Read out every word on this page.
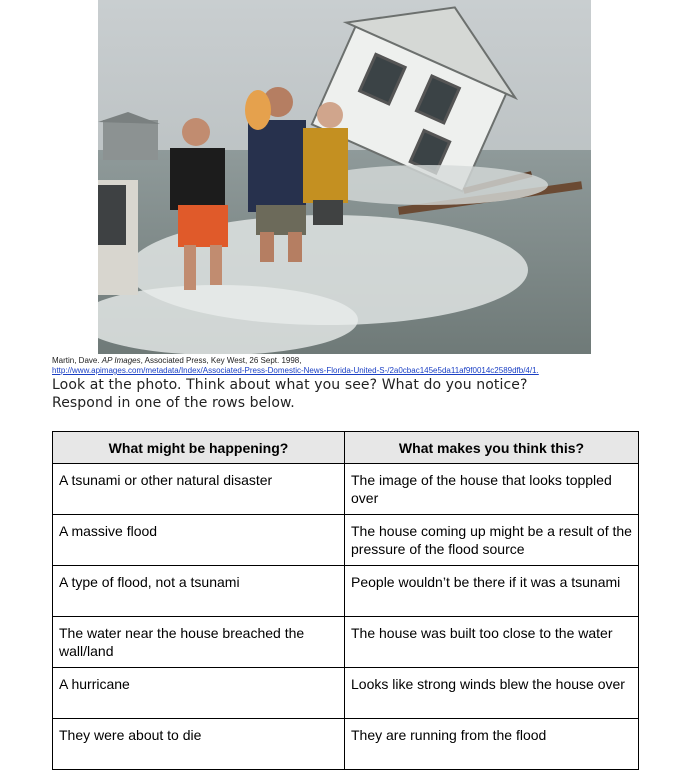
Martin, Dave. AP Images, Associated Press, Key West, 26 Sept. 1998,
http://www.apimages.com/metadata/Index/Associated-Press-Domestic-News-Florida-United-S-/2a0cbac145e5da11af9f0014c2589dfb/4/1.
Look at the photo. Think about what you see? What do you notice?
Respond in one of the rows below.
What might be happening?	What makes you think this?
A tsunami or other natural disaster	The image of the house that looks toppled over
A massive flood	The house coming up might be a result of the pressure of the flood source
A type of flood, not a tsunami	People wouldn’t be there if it was a tsunami
The water near the house breached the wall/land	The house was built too close to the water
A hurricane	Looks like strong winds blew the house over
They were about to die	They are running from the flood
